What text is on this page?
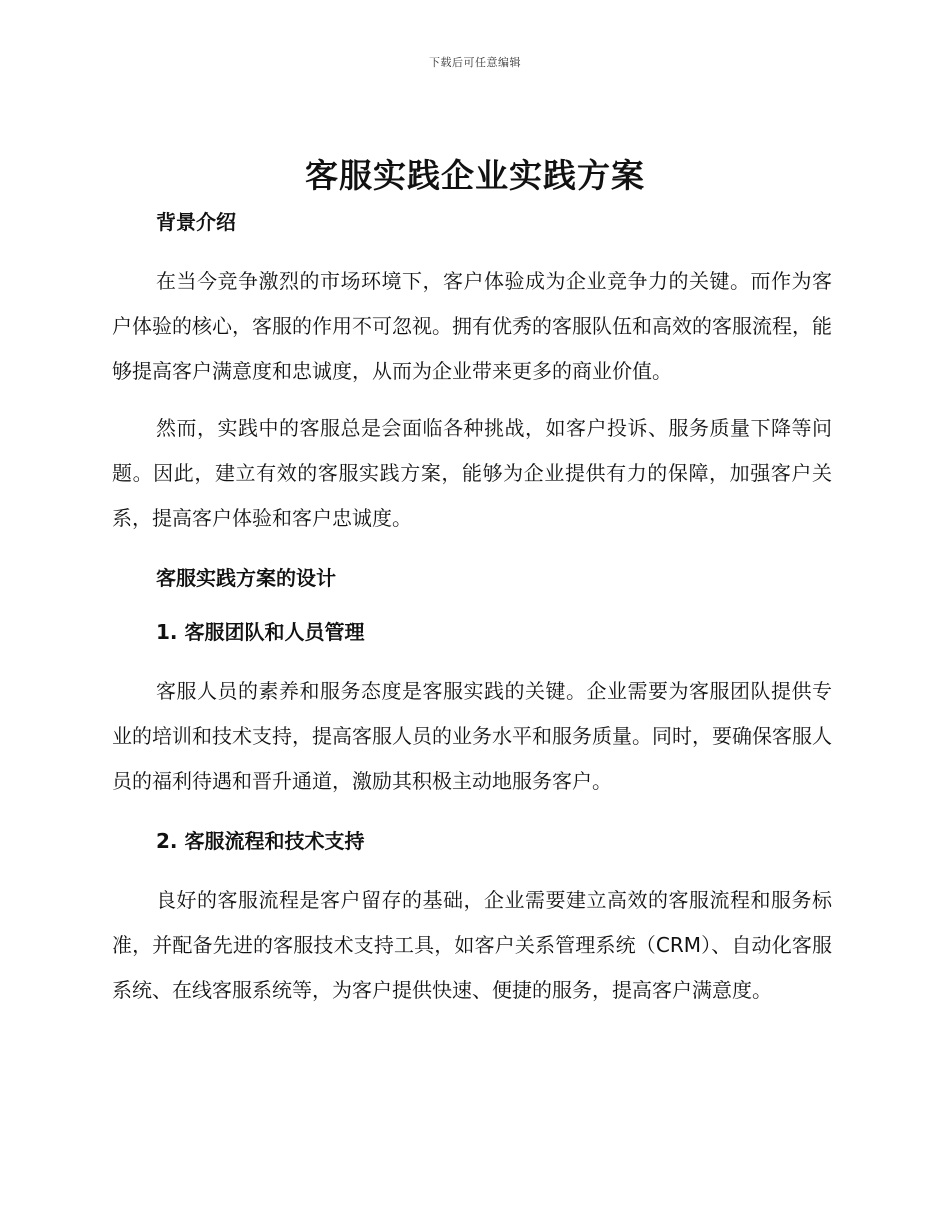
下载后可任意编辑
客服实践企业实践方案
背景介绍

在当今竞争激烈的市场环境下，客户体验成为企业竞争力的关键。而作为客户体验的核心，客服的作用不可忽视。拥有优秀的客服队伍和高效的客服流程，能够提高客户满意度和忠诚度，从而为企业带来更多的商业价值。

然而，实践中的客服总是会面临各种挑战，如客户投诉、服务质量下降等问题。因此，建立有效的客服实践方案，能够为企业提供有力的保障，加强客户关系，提高客户体验和客户忠诚度。

客服实践方案的设计
1. 客服团队和人员管理

客服人员的素养和服务态度是客服实践的关键。企业需要为客服团队提供专业的培训和技术支持，提高客服人员的业务水平和服务质量。同时，要确保客服人员的福利待遇和晋升通道，激励其积极主动地服务客户。

2. 客服流程和技术支持

良好的客服流程是客户留存的基础，企业需要建立高效的客服流程和服务标准，并配备先进的客服技术支持工具，如客户关系管理系统（CRM）、自动化客服系统、在线客服系统等，为客户提供快速、便捷的服务，提高客户满意度。
